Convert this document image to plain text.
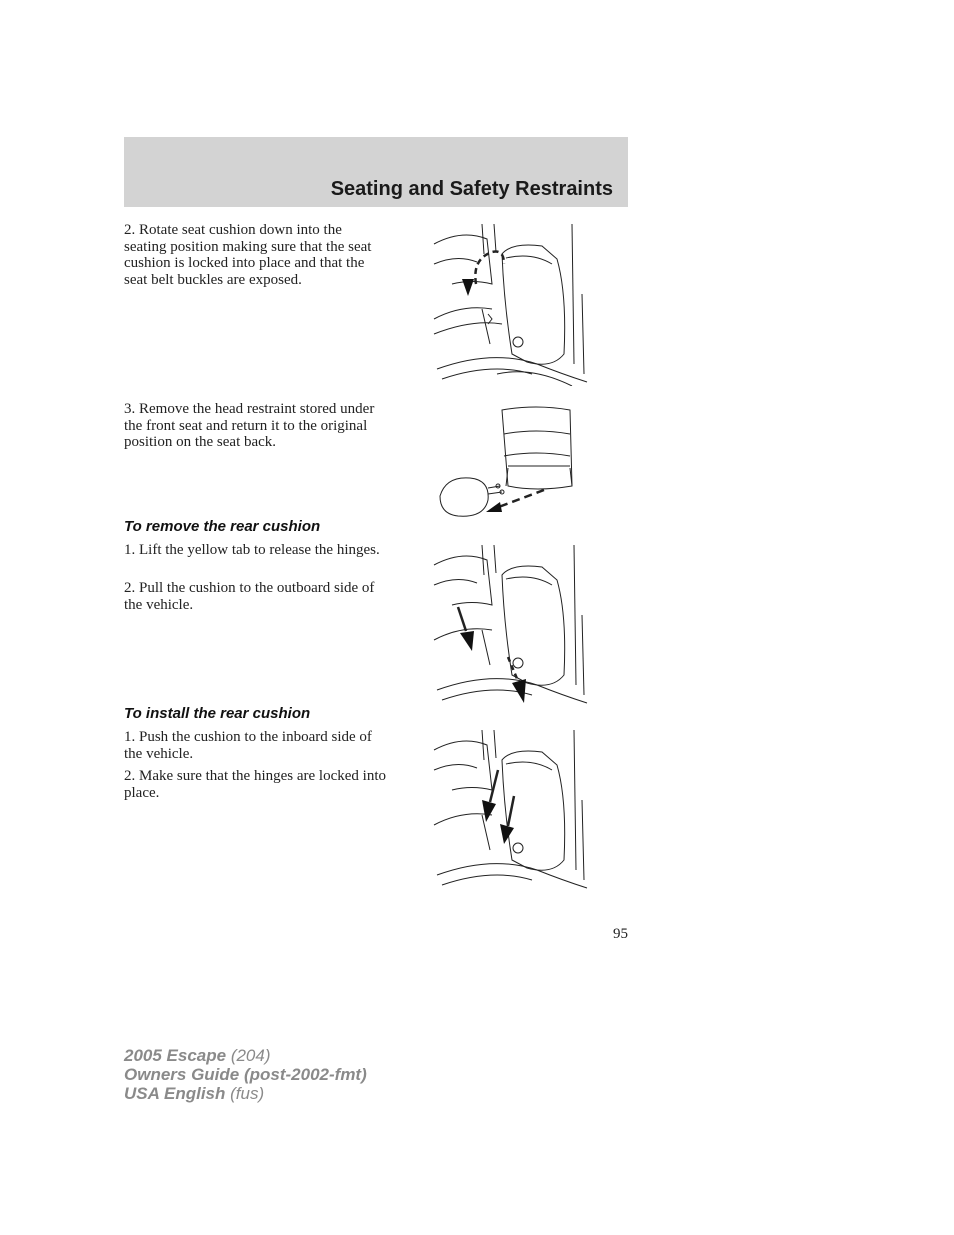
Seating and Safety Restraints

2. Rotate seat cushion down into the seating position making sure that the seat cushion is locked into place and that the seat belt buckles are exposed.

3. Remove the head restraint stored under the front seat and return it to the original position on the seat back.

To remove the rear cushion

1. Lift the yellow tab to release the hinges.

2. Pull the cushion to the outboard side of the vehicle.

To install the rear cushion

1. Push the cushion to the inboard side of the vehicle.

2. Make sure that the hinges are locked into place.

95
2005 Escape (204)
Owners Guide (post-2002-fmt)
USA English (fus)
